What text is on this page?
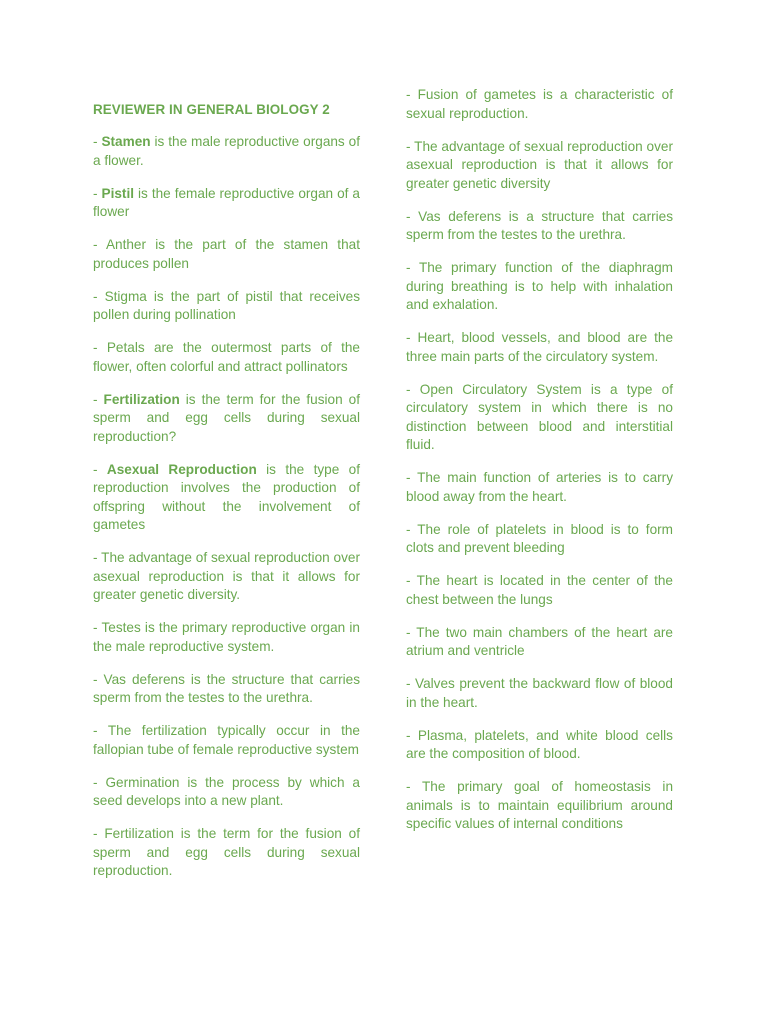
REVIEWER IN GENERAL BIOLOGY 2

- Stamen is the male reproductive organs of a flower.

- Pistil is the female reproductive organ of a flower

- Anther is the part of the stamen that produces pollen

- Stigma is the part of pistil that receives pollen during pollination

- Petals are the outermost parts of the flower, often colorful and attract pollinators

- Fertilization is the term for the fusion of sperm and egg cells during sexual reproduction?

- Asexual Reproduction is the type of reproduction involves the production of offspring without the involvement of gametes

- The advantage of sexual reproduction over asexual reproduction is that it allows for greater genetic diversity.

- Testes is the primary reproductive organ in the male reproductive system.

- Vas deferens is the structure that carries sperm from the testes to the urethra.

- The fertilization typically occur in the fallopian tube of female reproductive system

- Germination is the process by which a seed develops into a new plant.

- Fertilization is the term for the fusion of sperm and egg cells during sexual reproduction.

- Fusion of gametes is a characteristic of sexual reproduction.

- The advantage of sexual reproduction over asexual reproduction is that it allows for greater genetic diversity

- Vas deferens is a structure that carries sperm from the testes to the urethra.

- The primary function of the diaphragm during breathing is to help with inhalation and exhalation.

- Heart, blood vessels, and blood are the three main parts of the circulatory system.

- Open Circulatory System is a type of circulatory system in which there is no distinction between blood and interstitial fluid.

- The main function of arteries is to carry blood away from the heart.

- The role of platelets in blood is to form clots and prevent bleeding

- The heart is located in the center of the chest between the lungs

- The two main chambers of the heart are atrium and ventricle

- Valves prevent the backward flow of blood in the heart.

- Plasma, platelets, and white blood cells are the composition of blood.

- The primary goal of homeostasis in animals is to maintain equilibrium around specific values of internal conditions
